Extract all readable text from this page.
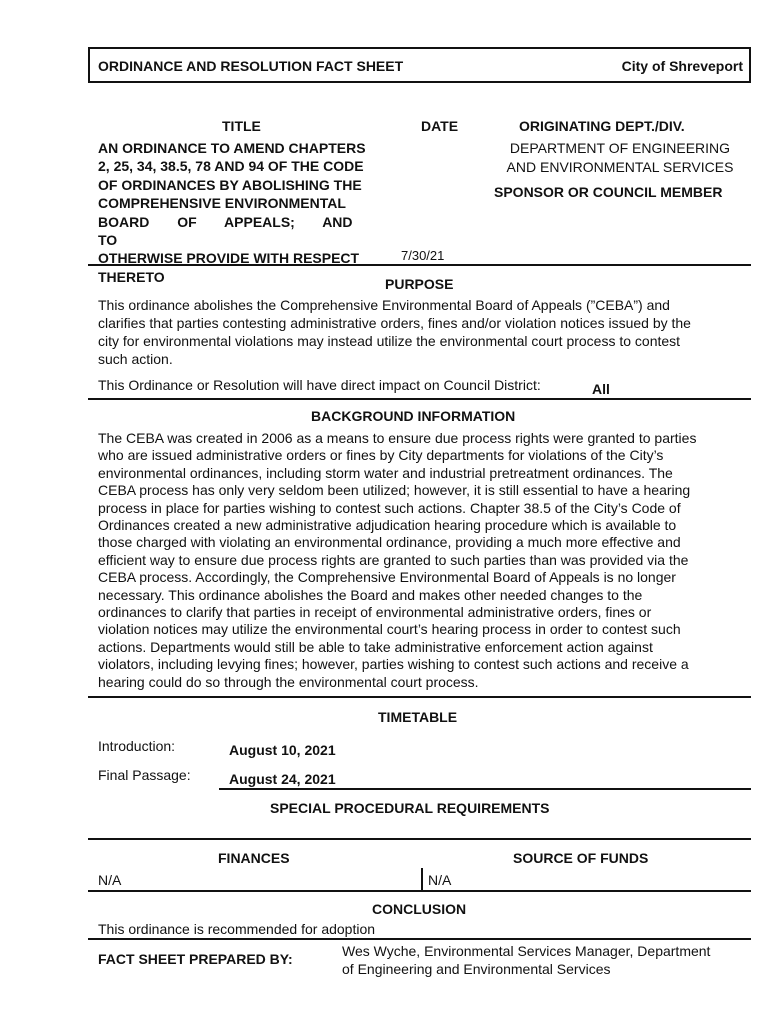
ORDINANCE AND RESOLUTION FACT SHEET	City of Shreveport
TITLE
AN ORDINANCE TO AMEND CHAPTERS
2, 25, 34, 38.5, 78 AND 94 OF THE CODE
OF ORDINANCES BY ABOLISHING THE
COMPREHENSIVE ENVIRONMENTAL
BOARD OF APPEALS; AND TO
OTHERWISE PROVIDE WITH RESPECT
THERETO
DATE
7/30/21
ORIGINATING DEPT./DIV.
DEPARTMENT OF ENGINEERING
AND ENVIRONMENTAL SERVICES
SPONSOR OR COUNCIL MEMBER
PURPOSE
This ordinance abolishes the Comprehensive Environmental Board of Appeals (”CEBA”) and
clarifies that parties contesting administrative orders, fines and/or violation notices issued by the
city for environmental violations may instead utilize the environmental court process to contest
such action.
This Ordinance or Resolution will have direct impact on Council District:	All
BACKGROUND INFORMATION
The CEBA was created in 2006 as a means to ensure due process rights were granted to parties
who are issued administrative orders or fines by City departments for violations of the City’s
environmental ordinances, including storm water and industrial pretreatment ordinances. The
CEBA process has only very seldom been utilized; however, it is still essential to have a hearing
process in place for parties wishing to contest such actions. Chapter 38.5 of the City’s Code of
Ordinances created a new administrative adjudication hearing procedure which is available to
those charged with violating an environmental ordinance, providing a much more effective and
efficient way to ensure due process rights are granted to such parties than was provided via the
CEBA process. Accordingly, the Comprehensive Environmental Board of Appeals is no longer
necessary. This ordinance abolishes the Board and makes other needed changes to the
ordinances to clarify that parties in receipt of environmental administrative orders, fines or
violation notices may utilize the environmental court’s hearing process in order to contest such
actions. Departments would still be able to take administrative enforcement action against
violators, including levying fines; however, parties wishing to contest such actions and receive a
hearing could do so through the environmental court process.
TIMETABLE
Introduction:	August 10, 2021
Final Passage:	August 24, 2021
SPECIAL PROCEDURAL REQUIREMENTS
FINANCES	SOURCE OF FUNDS
N/A	N/A
CONCLUSION
This ordinance is recommended for adoption
FACT SHEET PREPARED BY:	Wes Wyche, Environmental Services Manager, Department
of Engineering and Environmental Services
